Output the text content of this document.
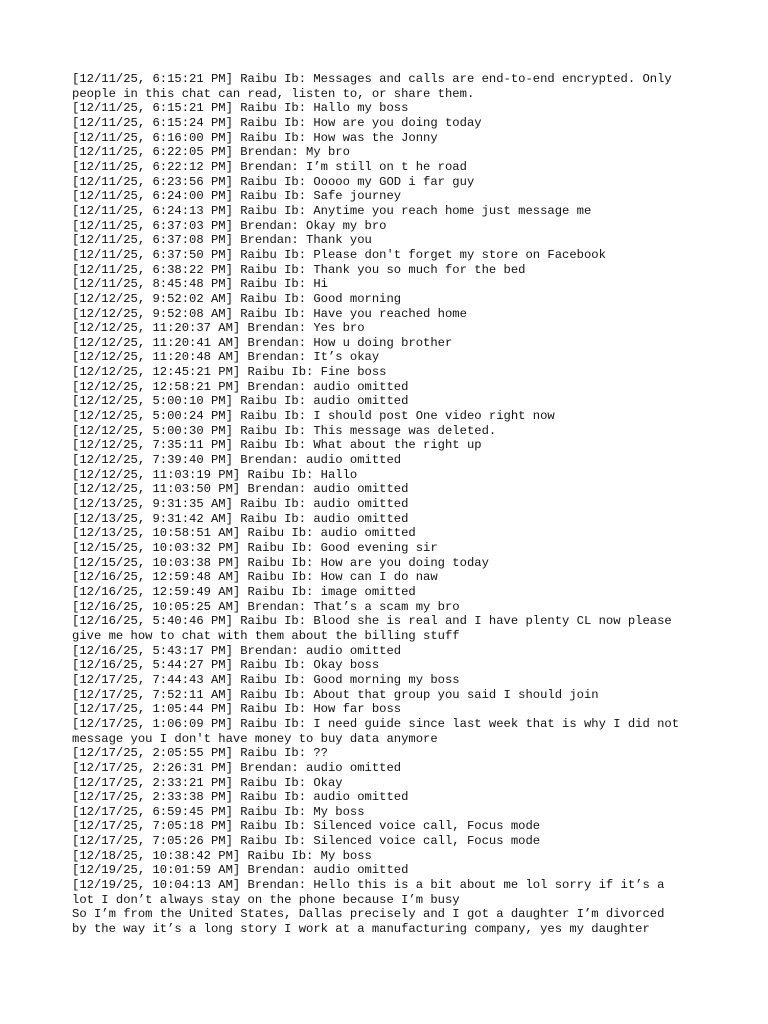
[12/11/25, 6:15:21 PM] Raibu Ib: Messages and calls are end-to-end encrypted. Only
people in this chat can read, listen to, or share them.
[12/11/25, 6:15:21 PM] Raibu Ib: Hallo my boss
[12/11/25, 6:15:24 PM] Raibu Ib: How are you doing today
[12/11/25, 6:16:00 PM] Raibu Ib: How was the Jonny
[12/11/25, 6:22:05 PM] Brendan: My bro
[12/11/25, 6:22:12 PM] Brendan: I’m still on t he road
[12/11/25, 6:23:56 PM] Raibu Ib: Ooooo my GOD i far guy
[12/11/25, 6:24:00 PM] Raibu Ib: Safe journey
[12/11/25, 6:24:13 PM] Raibu Ib: Anytime you reach home just message me
[12/11/25, 6:37:03 PM] Brendan: Okay my bro
[12/11/25, 6:37:08 PM] Brendan: Thank you
[12/11/25, 6:37:50 PM] Raibu Ib: Please don't forget my store on Facebook
[12/11/25, 6:38:22 PM] Raibu Ib: Thank you so much for the bed
[12/11/25, 8:45:48 PM] Raibu Ib: Hi
[12/12/25, 9:52:02 AM] Raibu Ib: Good morning
[12/12/25, 9:52:08 AM] Raibu Ib: Have you reached home
[12/12/25, 11:20:37 AM] Brendan: Yes bro
[12/12/25, 11:20:41 AM] Brendan: How u doing brother
[12/12/25, 11:20:48 AM] Brendan: It’s okay
[12/12/25, 12:45:21 PM] Raibu Ib: Fine boss
[12/12/25, 12:58:21 PM] Brendan: audio omitted
[12/12/25, 5:00:10 PM] Raibu Ib: audio omitted
[12/12/25, 5:00:24 PM] Raibu Ib: I should post One video right now
[12/12/25, 5:00:30 PM] Raibu Ib: This message was deleted.
[12/12/25, 7:35:11 PM] Raibu Ib: What about the right up
[12/12/25, 7:39:40 PM] Brendan: audio omitted
[12/12/25, 11:03:19 PM] Raibu Ib: Hallo
[12/12/25, 11:03:50 PM] Brendan: audio omitted
[12/13/25, 9:31:35 AM] Raibu Ib: audio omitted
[12/13/25, 9:31:42 AM] Raibu Ib: audio omitted
[12/13/25, 10:58:51 AM] Raibu Ib: audio omitted
[12/15/25, 10:03:32 PM] Raibu Ib: Good evening sir
[12/15/25, 10:03:38 PM] Raibu Ib: How are you doing today
[12/16/25, 12:59:48 AM] Raibu Ib: How can I do naw
[12/16/25, 12:59:49 AM] Raibu Ib: image omitted
[12/16/25, 10:05:25 AM] Brendan: That’s a scam my bro
[12/16/25, 5:40:46 PM] Raibu Ib: Blood she is real and I have plenty CL now please
give me how to chat with them about the billing stuff
[12/16/25, 5:43:17 PM] Brendan: audio omitted
[12/16/25, 5:44:27 PM] Raibu Ib: Okay boss
[12/17/25, 7:44:43 AM] Raibu Ib: Good morning my boss
[12/17/25, 7:52:11 AM] Raibu Ib: About that group you said I should join
[12/17/25, 1:05:44 PM] Raibu Ib: How far boss
[12/17/25, 1:06:09 PM] Raibu Ib: I need guide since last week that is why I did not
message you I don't have money to buy data anymore
[12/17/25, 2:05:55 PM] Raibu Ib: ??
[12/17/25, 2:26:31 PM] Brendan: audio omitted
[12/17/25, 2:33:21 PM] Raibu Ib: Okay
[12/17/25, 2:33:38 PM] Raibu Ib: audio omitted
[12/17/25, 6:59:45 PM] Raibu Ib: My boss
[12/17/25, 7:05:18 PM] Raibu Ib: Silenced voice call, Focus mode
[12/17/25, 7:05:26 PM] Raibu Ib: Silenced voice call, Focus mode
[12/18/25, 10:38:42 PM] Raibu Ib: My boss
[12/19/25, 10:01:59 AM] Brendan: audio omitted
[12/19/25, 10:04:13 AM] Brendan: Hello this is a bit about me lol sorry if it’s a
lot I don’t always stay on the phone because I’m busy
So I’m from the United States, Dallas precisely and I got a daughter I’m divorced
by the way it’s a long story I work at a manufacturing company, yes my daughter
